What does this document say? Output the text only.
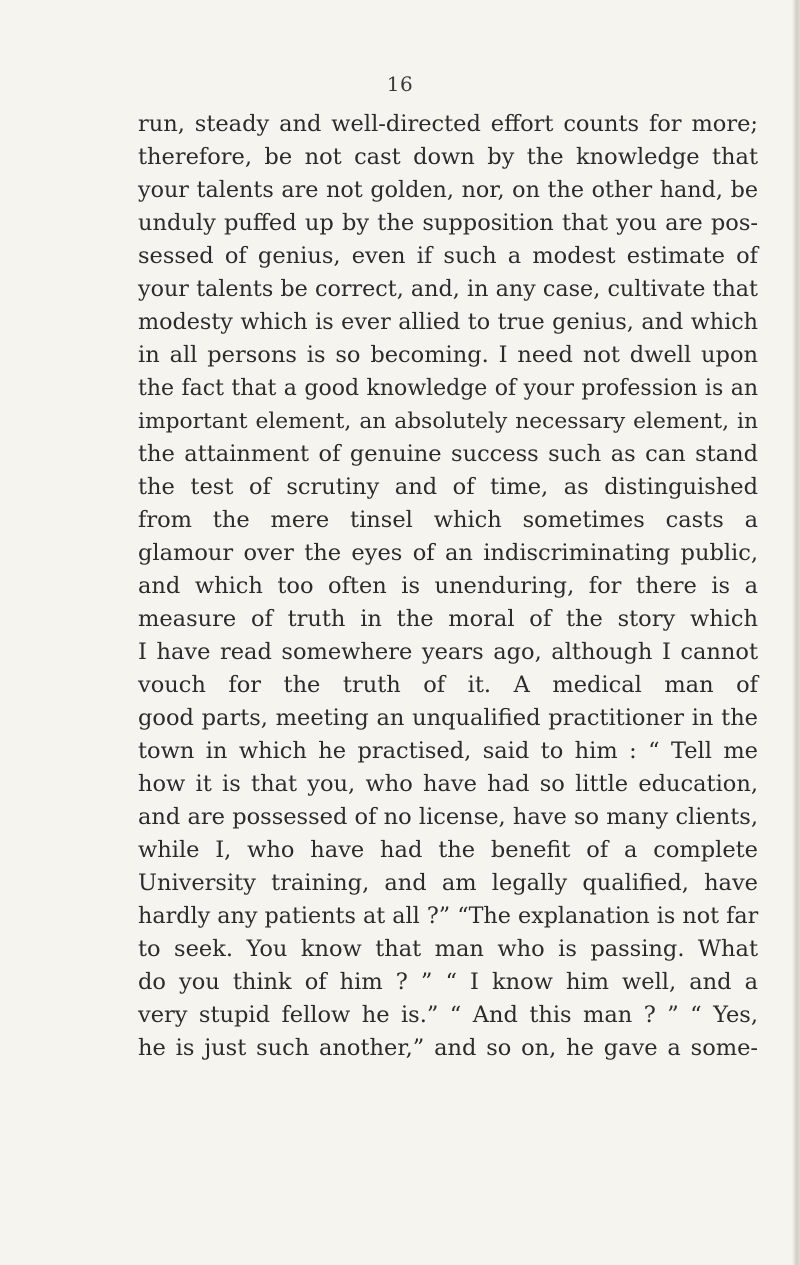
16
run, steady and well-directed effort counts for more;
therefore, be not cast down by the knowledge that
your talents are not golden, nor, on the other hand, be
unduly puffed up by the supposition that you are pos-
sessed of genius, even if such a modest estimate of
your talents be correct, and, in any case, cultivate that
modesty which is ever allied to true genius, and which
in all persons is so becoming. I need not dwell upon
the fact that a good knowledge of your profession is an
important element, an absolutely necessary element, in
the attainment of genuine success such as can stand
the test of scrutiny and of time, as distinguished
from the mere tinsel which sometimes casts a
glamour over the eyes of an indiscriminating public,
and which too often is unenduring, for there is a
measure of truth in the moral of the story which
I have read somewhere years ago, although I cannot
vouch for the truth of it. A medical man of
good parts, meeting an unqualified practitioner in the
town in which he practised, said to him : “ Tell me
how it is that you, who have had so little education,
and are possessed of no license, have so many clients,
while I, who have had the benefit of a complete
University training, and am legally qualified, have
hardly any patients at all ?” “The explanation is not far
to seek. You know that man who is passing. What
do you think of him ? ” “ I know him well, and a
very stupid fellow he is.” “ And this man ? ” “ Yes,
he is just such another,” and so on, he gave a some-
